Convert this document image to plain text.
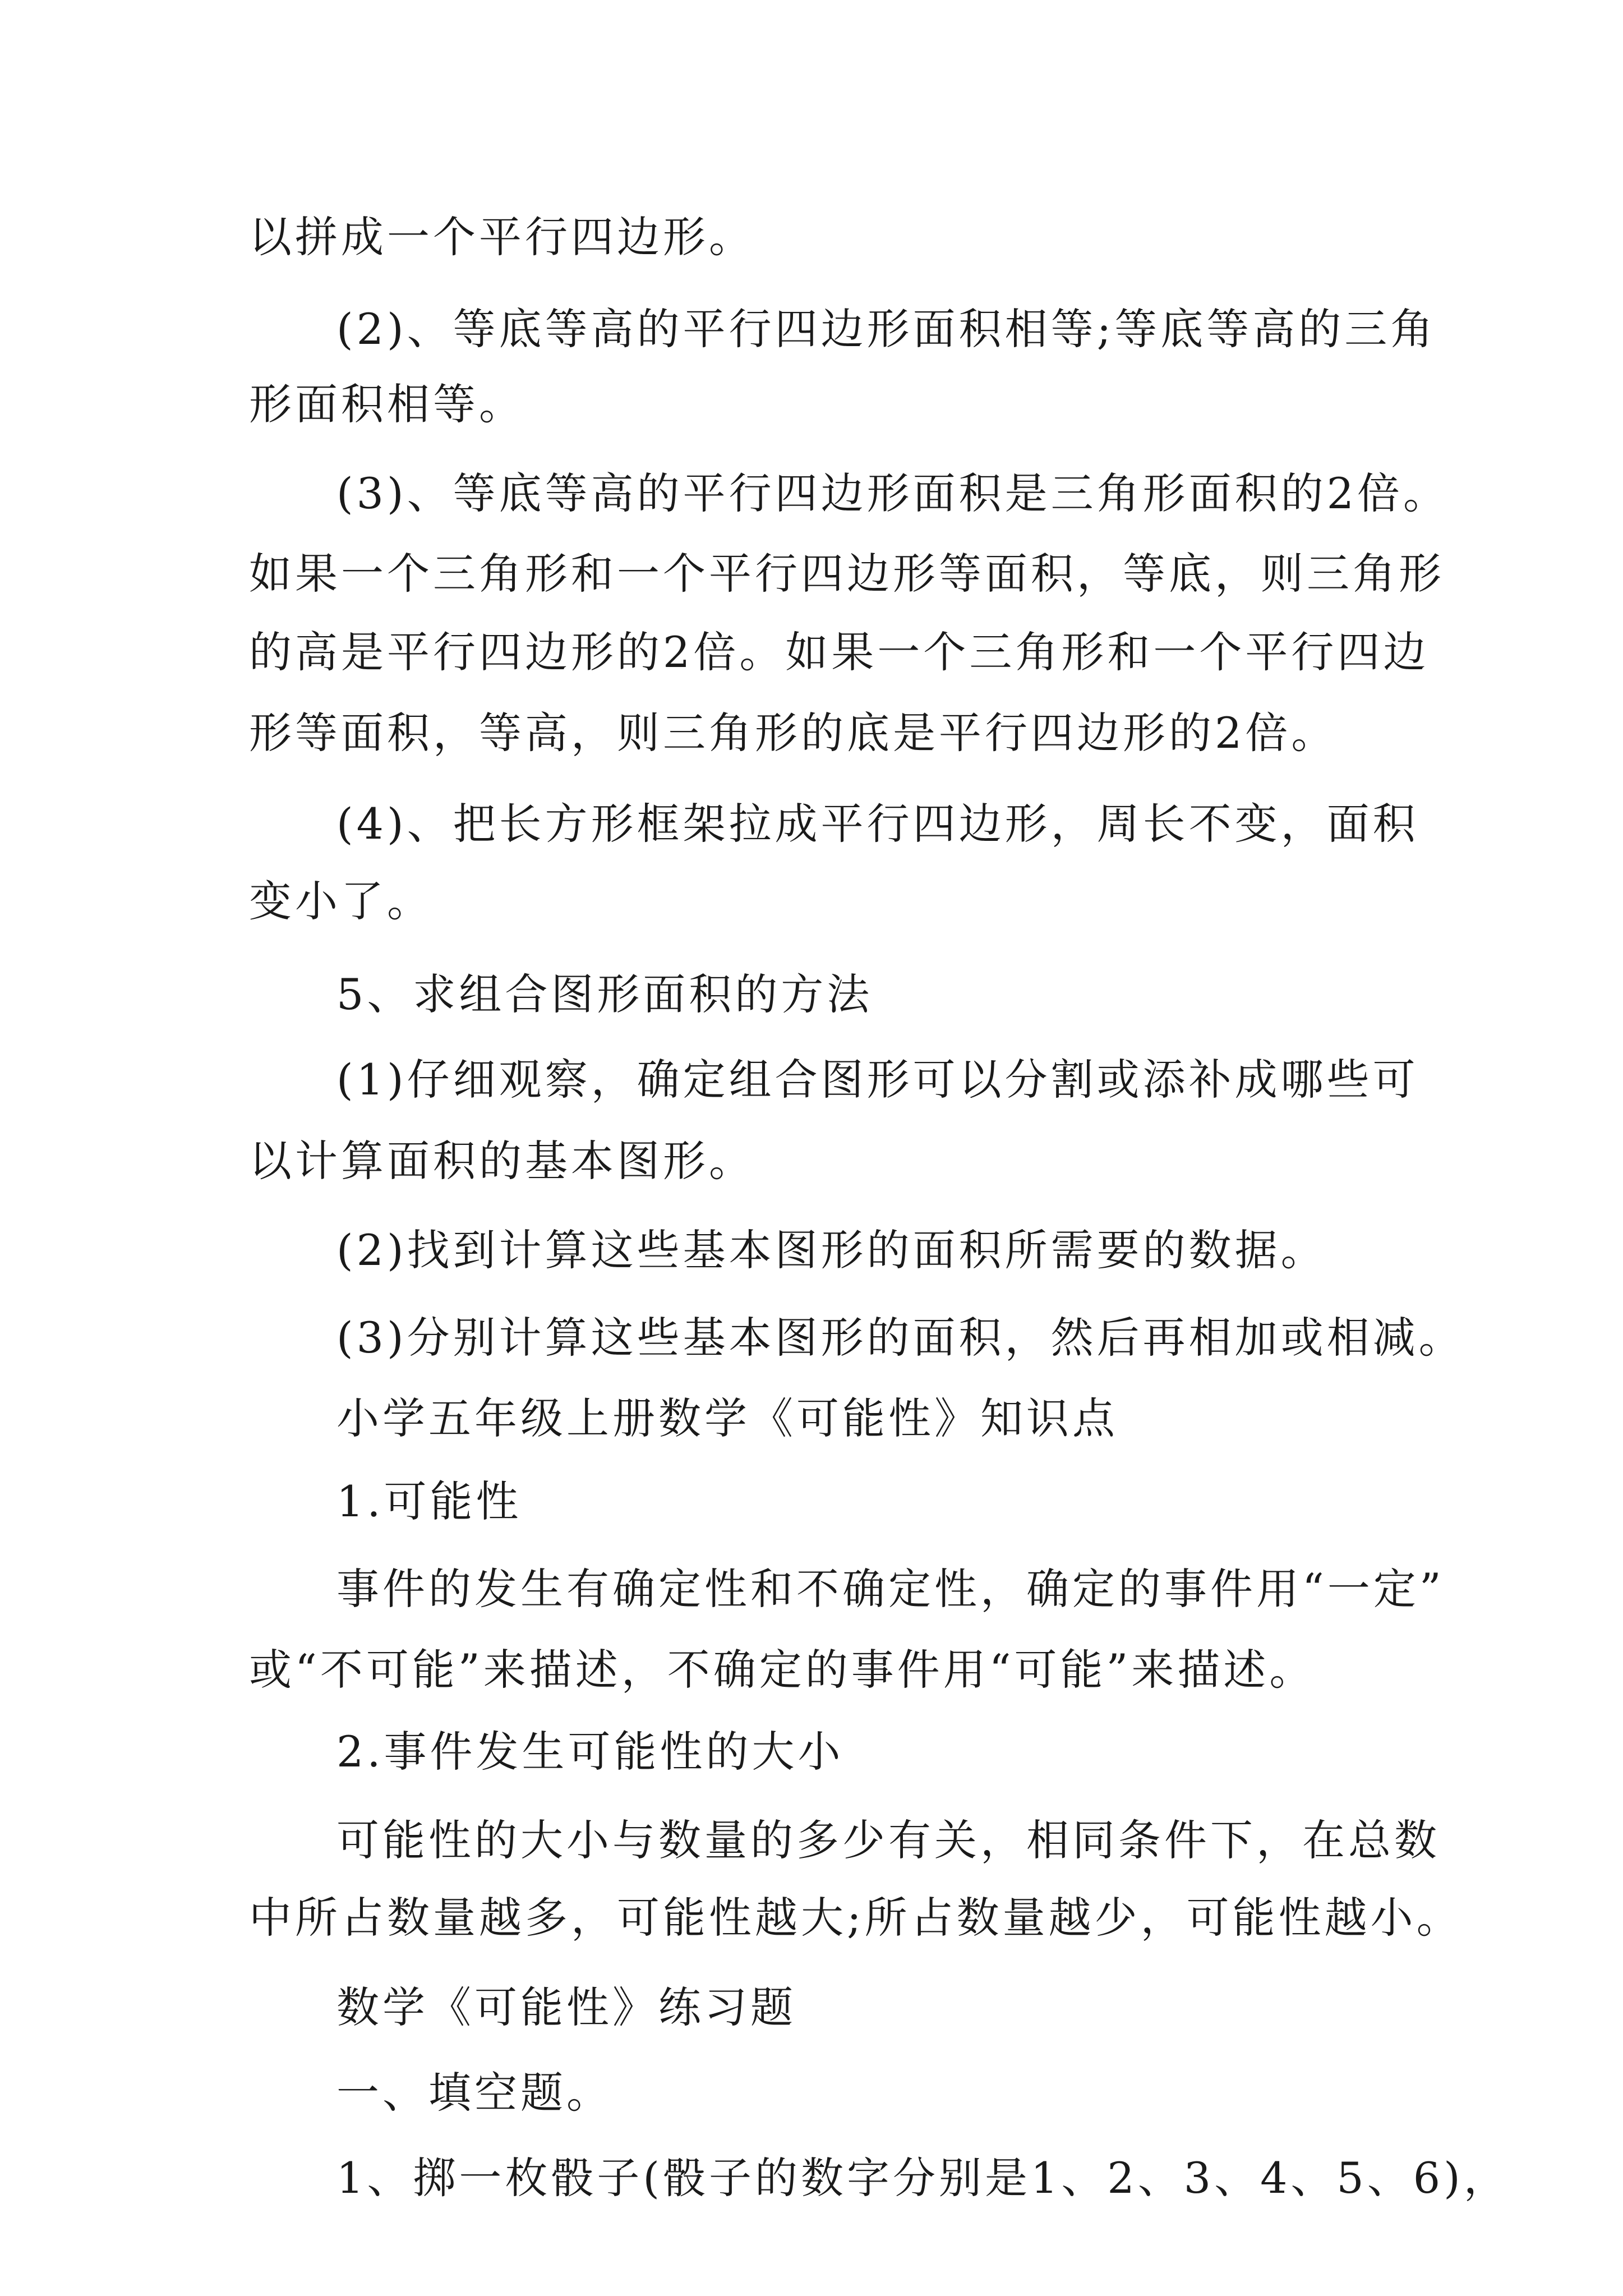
以拼成一个平行四边形。

(2)、等底等高的平行四边形面积相等;等底等高的三角

形面积相等。

(3)、等底等高的平行四边形面积是三角形面积的2倍。

如果一个三角形和一个平行四边形等面积，等底，则三角形

的高是平行四边形的2倍。如果一个三角形和一个平行四边

形等面积，等高，则三角形的底是平行四边形的2倍。

(4)、把长方形框架拉成平行四边形，周长不变，面积

变小了。

5、求组合图形面积的方法

(1)仔细观察，确定组合图形可以分割或添补成哪些可

以计算面积的基本图形。

(2)找到计算这些基本图形的面积所需要的数据。

(3)分别计算这些基本图形的面积，然后再相加或相减。

小学五年级上册数学《可能性》知识点

1.可能性

事件的发生有确定性和不确定性，确定的事件用“一定”

或“不可能”来描述，不确定的事件用“可能”来描述。

2.事件发生可能性的大小

可能性的大小与数量的多少有关，相同条件下，在总数

中所占数量越多，可能性越大;所占数量越少，可能性越小。

数学《可能性》练习题

一、填空题。

1、掷一枚骰子(骰子的数字分别是1、2、3、4、5、6)，
